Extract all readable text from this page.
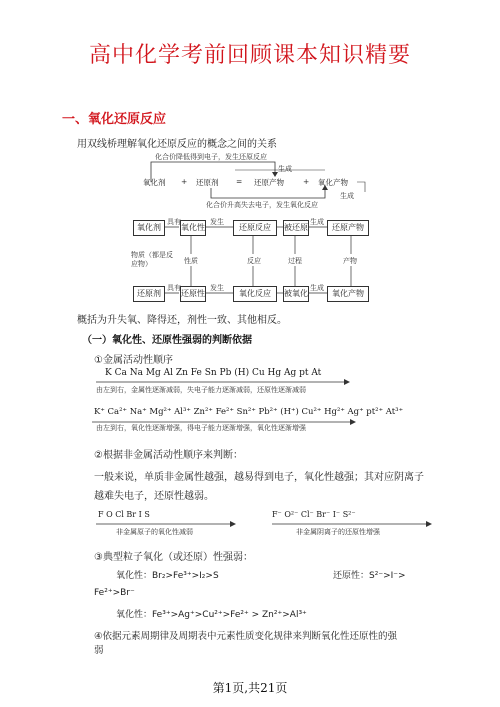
高中化学考前回顾课本知识精要
一、氧化还原反应
用双线桥理解氧化还原反应的概念之间的关系
化合价降低得到电子，发生还原反应
生成
氧化剂 + 还原剂 = 还原产物	+ 氧化产物
生成
化合价升高失去电子，发生氧化反应
氧化剂	氧化性	还原反应	被还原	还原产物
具有	发生	生成
物质（都是反应物）	性质	反应	过程	产物
还原剂	还原性	氧化反应	被氧化	氧化产物
具有	发生	生成
概括为升失氧、降得还，剂性一致、其他相反。
（一）氧化性、还原性强弱的判断依据
①金属活动性顺序
K Ca Na Mg Al Zn Fe Sn Pb (H) Cu Hg Ag pt At
由左到右，金属性逐渐减弱，失电子能力逐渐减弱，还原性逐渐减弱
K⁺ Ca²⁺ Na⁺ Mg²⁺ Al³⁺ Zn²⁺ Fe²⁺ Sn²⁺ Pb²⁺ (H⁺) Cu²⁺ Hg²⁺ Ag⁺ pt²⁺ At³⁺
由左到右，氧化性逐渐增强，得电子能力逐渐增强，氧化性逐渐增强
②根据非金属活动性顺序来判断：
一般来说，单质非金属性越强，越易得到电子，氧化性越强；其对应阴离子
越难失电子，还原性越弱。
F O Cl Br I S
非金属原子的氧化性减弱
F⁻ O²⁻ Cl⁻ Br⁻ I⁻ S²⁻
非金属阴离子的还原性增强
③典型粒子氧化（或还原）性强弱：
氧化性：Br₂>Fe³⁺>I₂>S	还原性：S²⁻>I⁻>
Fe²⁺>Br⁻
氧化性：Fe³⁺>Ag⁺>Cu²⁺>Fe²⁺ > Zn²⁺>Al³⁺
④依据元素周期律及周期表中元素性质变化规律来判断氧化性还原性的强
弱
第1页,共21页
